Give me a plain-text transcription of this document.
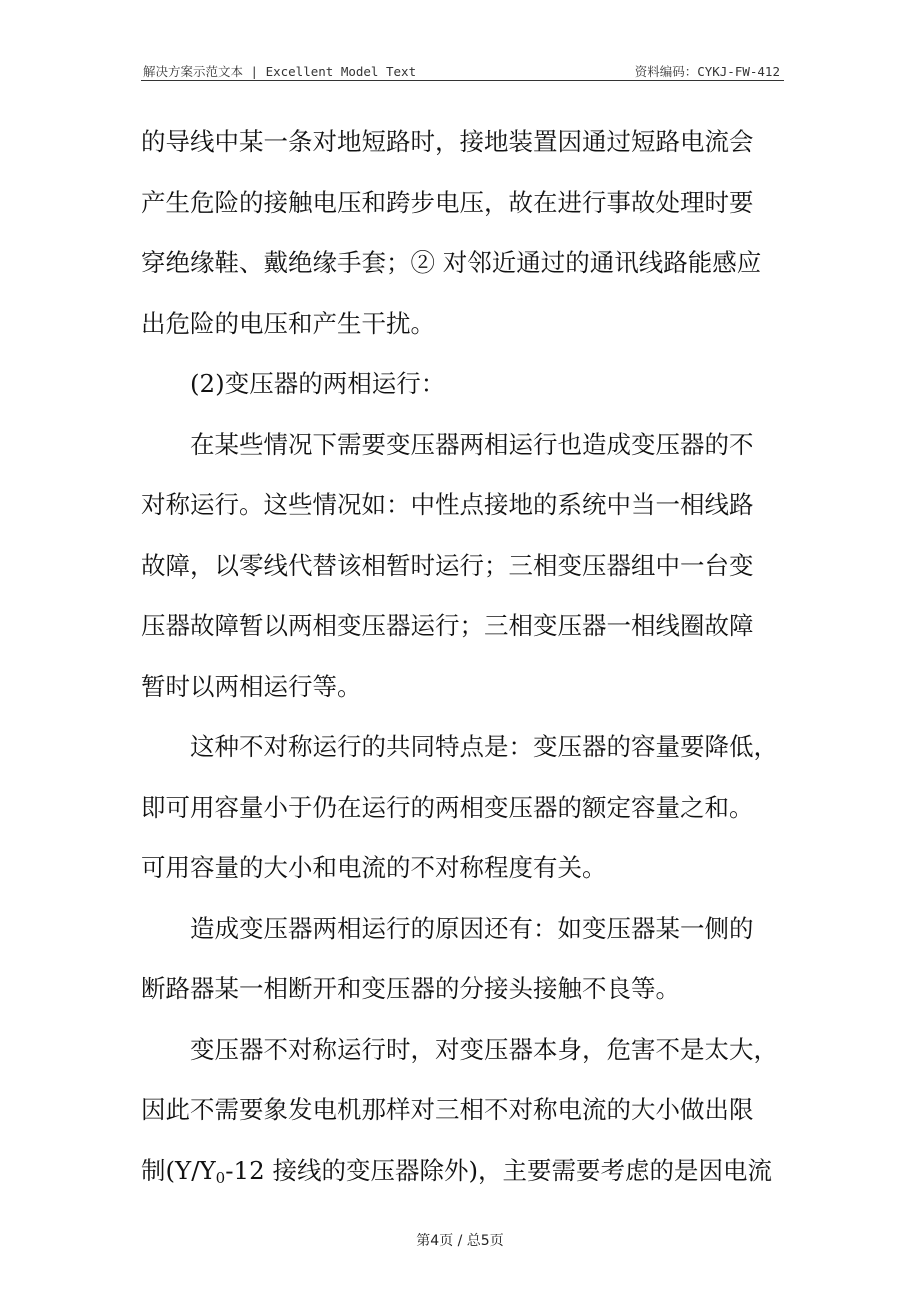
解决方案示范文本 | Excellent Model Text	资料编码：CYKJ-FW-412
的导线中某一条对地短路时，接地装置因通过短路电流会
产生危险的接触电压和跨步电压，故在进行事故处理时要
穿绝缘鞋、戴绝缘手套；② 对邻近通过的通讯线路能感应
出危险的电压和产生干扰。
(2)变压器的两相运行：
在某些情况下需要变压器两相运行也造成变压器的不
对称运行。这些情况如：中性点接地的系统中当一相线路
故障，以零线代替该相暂时运行；三相变压器组中一台变
压器故障暂以两相变压器运行；三相变压器一相线圈故障
暂时以两相运行等。
这种不对称运行的共同特点是：变压器的容量要降低，
即可用容量小于仍在运行的两相变压器的额定容量之和。
可用容量的大小和电流的不对称程度有关。
造成变压器两相运行的原因还有：如变压器某一侧的
断路器某一相断开和变压器的分接头接触不良等。
变压器不对称运行时，对变压器本身，危害不是太大，
因此不需要象发电机那样对三相不对称电流的大小做出限
制($Y/Y_0-12$ 接线的变压器除外)，主要需要考虑的是因电流
第4页 / 总5页
